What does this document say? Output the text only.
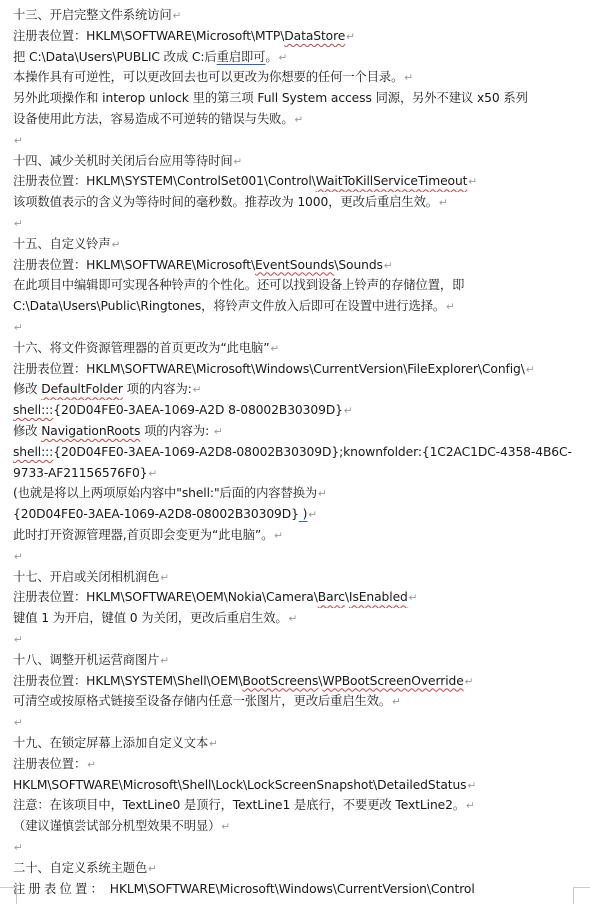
十三、开启完整文件系统访问↵
注册表位置：HKLM\SOFTWARE\Microsoft\MTP\DataStore↵
把 C:\Data\Users\PUBLIC 改成 C:后重启即可。↵
本操作具有可逆性，可以更改回去也可以更改为你想要的任何一个目录。↵
另外此项操作和 interop unlock 里的第三项 Full System access 同源，另外不建议 x50 系列
设备使用此方法，容易造成不可逆转的错误与失败。↵
↵
十四、减少关机时关闭后台应用等待时间↵
注册表位置：HKLM\SYSTEM\ControlSet001\Control\WaitToKillServiceTimeout↵
该项数值表示的含义为等待时间的毫秒数。推荐改为 1000，更改后重启生效。↵
↵
十五、自定义铃声↵
注册表位置：HKLM\SOFTWARE\Microsoft\EventSounds\Sounds↵
在此项目中编辑即可实现各种铃声的个性化。还可以找到设备上铃声的存储位置，即
C:\Data\Users\Public\Ringtones，将铃声文件放入后即可在设置中进行选择。↵
↵
十六、将文件资源管理器的首页更改为“此电脑”↵
注册表位置：HKLM\SOFTWARE\Microsoft\Windows\CurrentVersion\FileExplorer\Config\↵
修改 DefaultFolder 项的内容为:↵
shell:::{20D04FE0-3AEA-1069-A2D 8-08002B30309D}↵
修改 NavigationRoots 项的内容为: ↵
shell:::{20D04FE0-3AEA-1069-A2D8-08002B30309D};knownfolder:{1C2AC1DC-4358-4B6C-
9733-AF21156576F0}↵
(也就是将以上两项原始内容中"shell:"后面的内容替换为↵
{20D04FE0-3AEA-1069-A2D8-08002B30309D} )↵
此时打开资源管理器,首页即会变更为“此电脑”。↵
↵
十七、开启或关闭相机润色↵
注册表位置：HKLM\SOFTWARE\OEM\Nokia\Camera\Barc\IsEnabled↵
键值 1 为开启，键值 0 为关闭，更改后重启生效。↵
↵
十八、调整开机运营商图片↵
注册表位置：HKLM\SYSTEM\Shell\OEM\BootScreens\WPBootScreenOverride↵
可清空或按原格式链接至设备存储内任意一张图片，更改后重启生效。↵
↵
十九、在锁定屏幕上添加自定义文本↵
注册表位置：↵
HKLM\SOFTWARE\Microsoft\Shell\Lock\LockScreenSnapshot\DetailedStatus↵
注意：在该项目中，TextLine0 是顶行，TextLine1 是底行，不要更改 TextLine2。↵
（建议谨慎尝试部分机型效果不明显）↵
↵
二十、自定义系统主题色↵
注册表位置： HKLM\SOFTWARE\Microsoft\Windows\CurrentVersion\Control
